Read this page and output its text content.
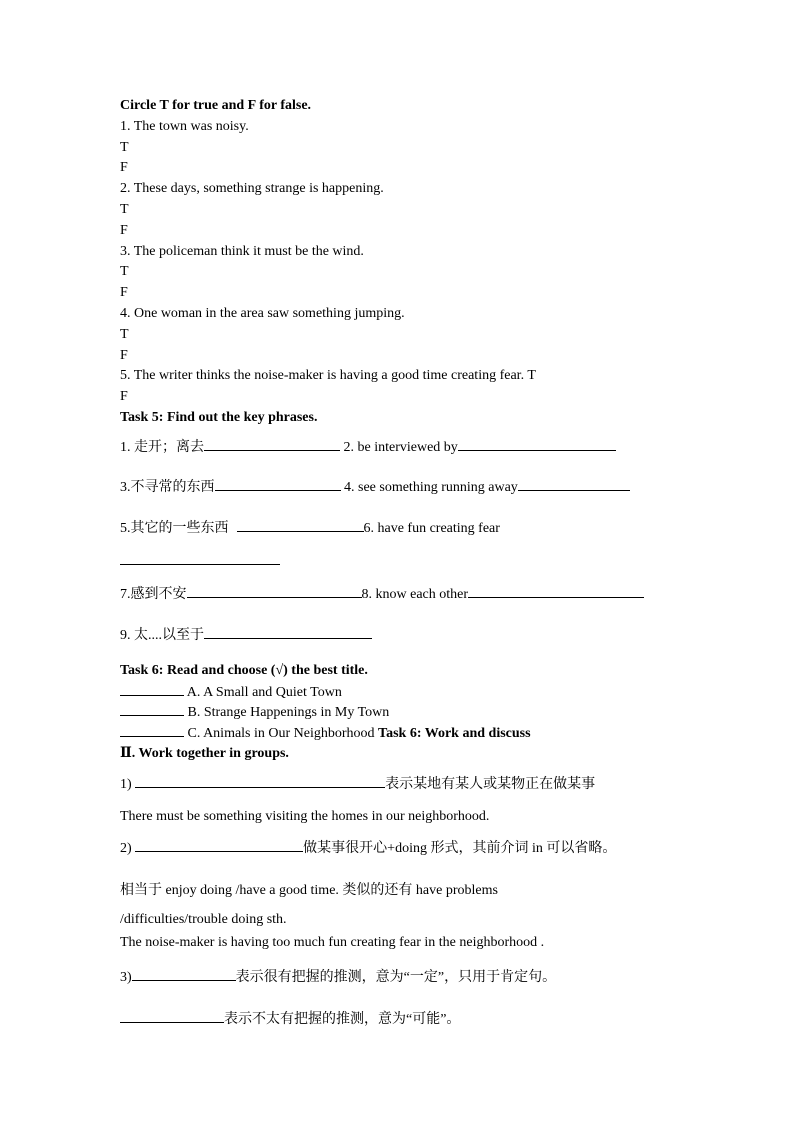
Circle T for true and F for false.
1. The town was noisy.
T
F
2. These days, something strange is happening.
T
F
3. The policeman think it must be the wind.
T
F
4. One woman in the area saw something jumping.
T
F
5. The writer thinks the noise-maker is having a good time creating fear. T
F
Task 5: Find out the key phrases.
1. 走开；离去	2. be interviewed by
3.不寻常的东西	4. see something running away
5.其它的一些东西	6. have fun creating fear
7.感到不安	8. know each other
9. 太....以至于
Task 6: Read and choose (√) the best title.
A. A Small and Quiet Town
B. Strange Happenings in My Town
C. Animals in Our Neighborhood Task 6: Work and discuss
Ⅱ. Work together in groups.
1)	表示某地有某人或某物正在做某事
There must be something visiting the homes in our neighborhood.
2)	做某事很开心+doing 形式，其前介词 in 可以省略。
相当于 enjoy doing /have a good time. 类似的还有 have problems
/difficulties/trouble doing sth.
The noise-maker is having too much fun creating fear in the neighborhood .
3)	表示很有把握的推测，意为“一定”，只用于肯定句。
表示不太有把握的推测，意为“可能”。
